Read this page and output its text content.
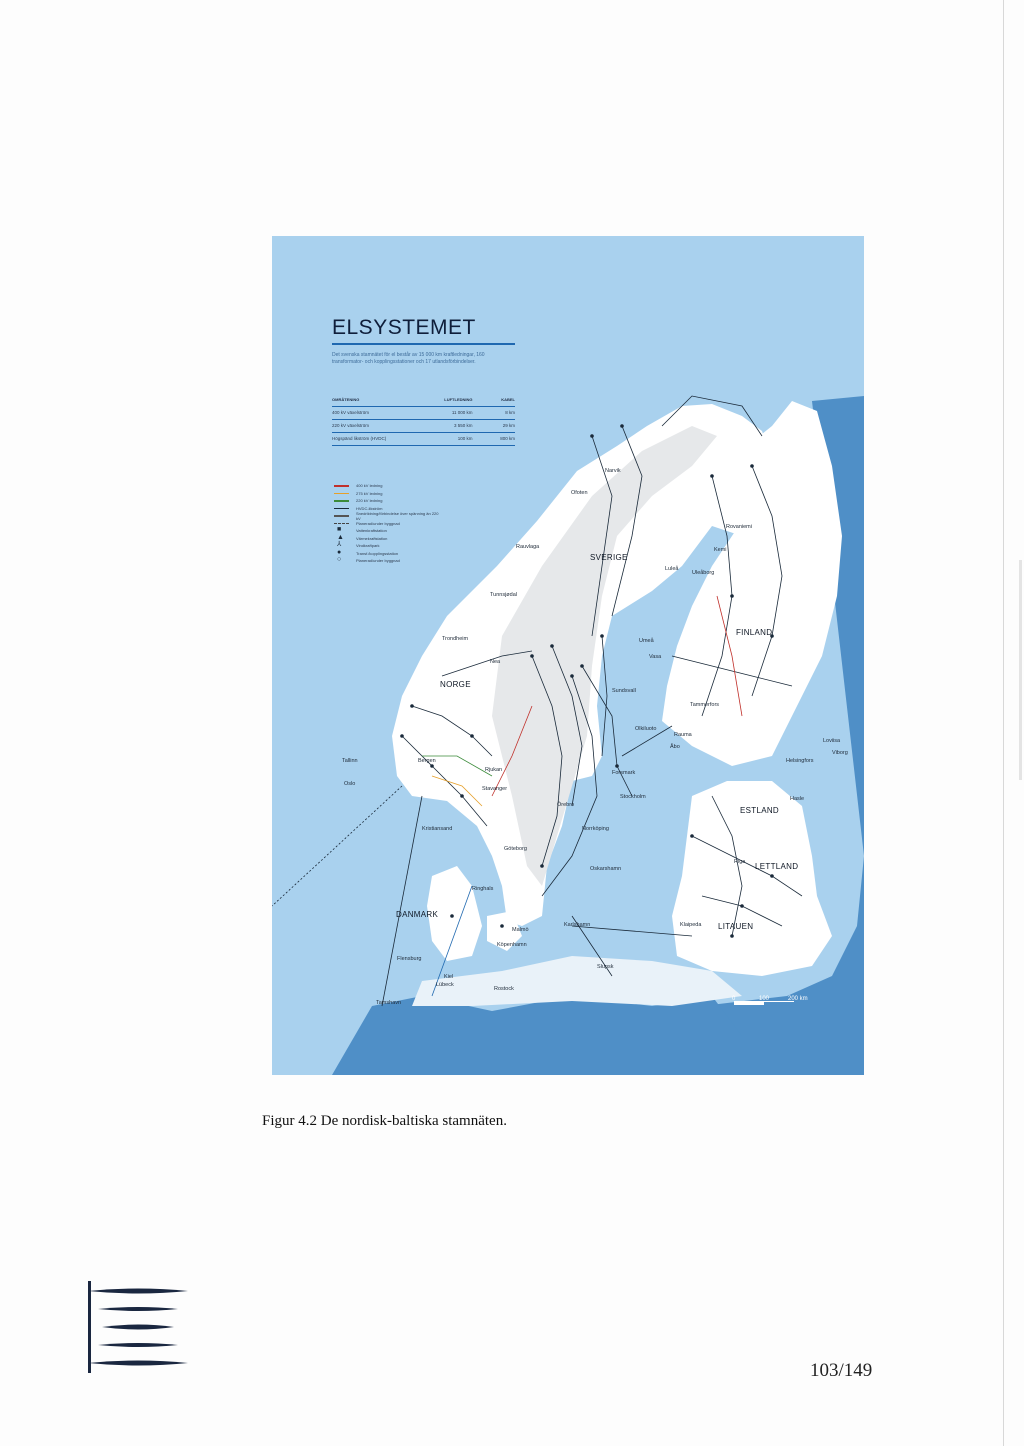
ELSYSTEMET
Det svenska stamnätet för el består av 15 000 km kraftledningar, 160 transformator- och kopplingsstationer och 17 utlandsförbindelser.
OMRÅTENING	LUFTLEDNING	KABEL
400 kV växelström	11 000 km	8 km
220 kV växelström	3 550 km	29 km
Högspänd likström (HVDC)	100 km	800 km
400 kV ledning
275 kV ledning
220 kV ledning
HVDC-likström
Snedriktning/förbindelse över spänning än 220 kV
Planerad/under byggnad
■	Vattenkraftstation
▲	Värmekraftstation
⅄	Vindkraftpark
●	Transf./kopplingsstation
○	Planerad/under byggnad	SVERIGE
NORGE
FINLAND
ESTLAND
LETTLAND
LITAUEN
DANMARK
Narvik
Ofoten
Rovaniemi
Kemi
Luleå
Uleåborg
Rauvlaga
Tunnsjødal
Trondheim
Nea
Umeå
Vasa
Sundsvall
Tammerfors
Olkiluoto
Rauma
Åbo
Loviisa
Viborg
Helsingfors
Tallinn	Bergen
Rjukan
Oslo
Stavanger
Hasle
Forsmark
Stockholm
Örebro
Kristiansand	Norrköping
Göteborg
Oskarshamn
Riga
Ringhals
Karlshamn	Klaipeda
Malmö
Köpenhamn
Flensburg
Slupsk
Kiel
Lübeck
Rostock
Tamshavn
0	100	200 km
Figur 4.2 De nordisk-baltiska stamnäten.
103/149
